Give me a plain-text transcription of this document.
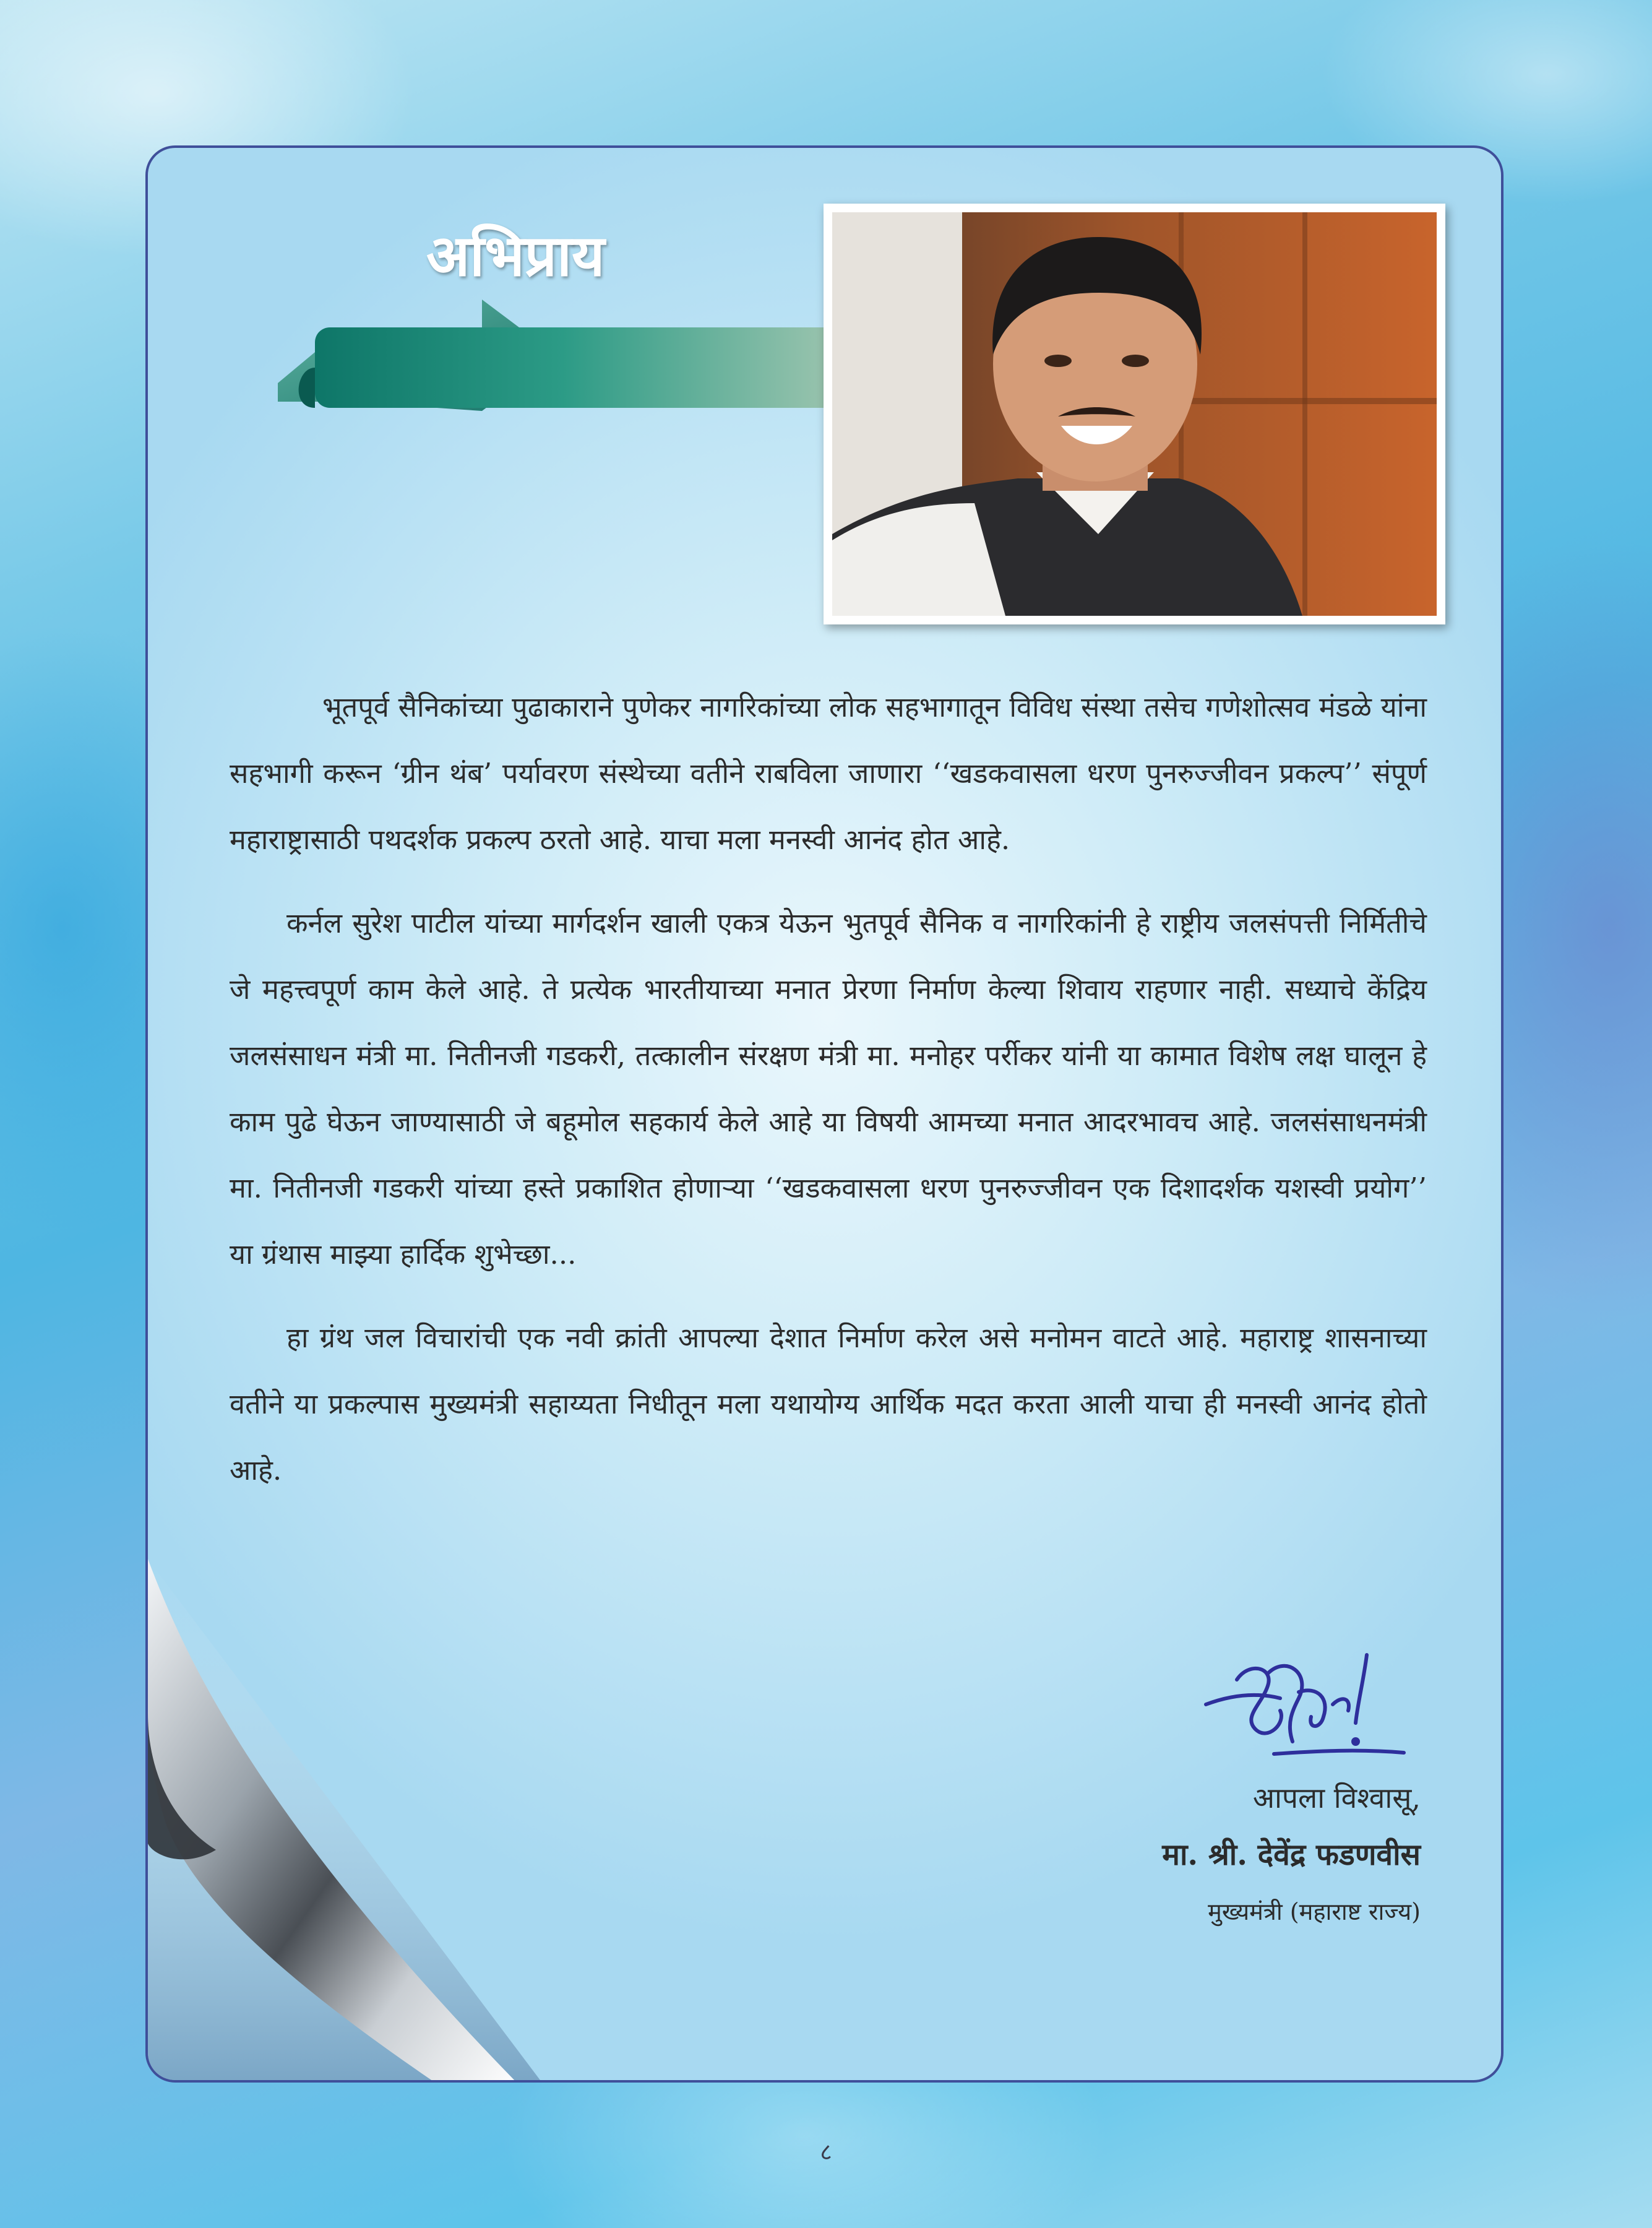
अभिप्राय

भूतपूर्व सैनिकांच्या पुढाकाराने पुणेकर नागरिकांच्या लोक सहभागातून विविध संस्था तसेच गणेशोत्सव मंडळे यांना सहभागी करून ‘ग्रीन थंब’ पर्यावरण संस्थेच्या वतीने राबविला जाणारा ‘‘खडकवासला धरण पुनरुज्जीवन प्रकल्प’’ संपूर्ण महाराष्ट्रासाठी पथदर्शक प्रकल्प ठरतो आहे. याचा मला मनस्वी आनंद होत आहे.

कर्नल सुरेश पाटील यांच्या मार्गदर्शन खाली एकत्र येऊन भुतपूर्व सैनिक व नागरिकांनी हे राष्ट्रीय जलसंपत्ती निर्मितीचे जे महत्त्वपूर्ण काम केले आहे. ते प्रत्येक भारतीयाच्या मनात प्रेरणा निर्माण केल्या शिवाय राहणार नाही. सध्याचे केंद्रिय जलसंसाधन मंत्री मा. नितीनजी गडकरी, तत्कालीन संरक्षण मंत्री मा. मनोहर पर्रीकर यांनी या कामात विशेष लक्ष घालून हे काम पुढे घेऊन जाण्यासाठी जे बहूमोल सहकार्य केले आहे या विषयी आमच्या मनात आदरभावच आहे. जलसंसाधनमंत्री मा. नितीनजी गडकरी यांच्या हस्ते प्रकाशित होणाऱ्या ‘‘खडकवासला धरण पुनरुज्जीवन एक दिशादर्शक यशस्वी प्रयोग’’ या ग्रंथास माझ्या हार्दिक शुभेच्छा...

हा ग्रंथ जल विचारांची एक नवी क्रांती आपल्या देशात निर्माण करेल असे मनोमन वाटते आहे. महाराष्ट्र शासनाच्या वतीने या प्रकल्पास मुख्यमंत्री सहाय्यता निधीतून मला यथायोग्य आर्थिक मदत करता आली याचा ही मनस्वी आनंद होतो आहे.

आपला विश्वासू,
मा. श्री. देवेंद्र फडणवीस
मुख्यमंत्री (महाराष्ट राज्य)
८
